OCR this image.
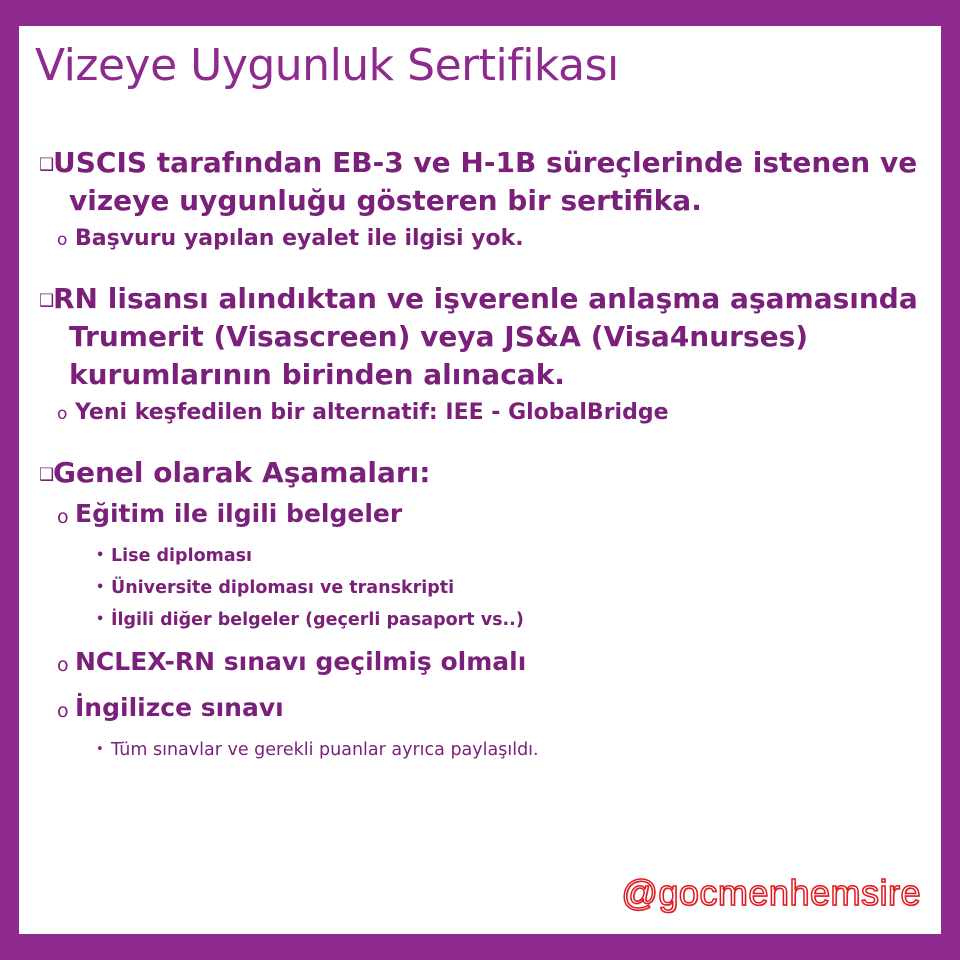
Vizeye Uygunluk Sertifikası
❑
USCIS tarafından EB-3 ve H-1B süreçlerinde istenen ve vizeye uygunluğu gösteren bir sertifika.
o Başvuru yapılan eyalet ile ilgisi yok.
❑
RN lisansı alındıktan ve işverenle anlaşma aşamasında Trumerit (Visascreen) veya JS&A (Visa4nurses) kurumlarının birinden alınacak.
o Yeni keşfedilen bir alternatif: IEE - GlobalBridge
❑
Genel olarak Aşamaları:
o Eğitim ile ilgili belgeler
• Lise diploması
• Üniversite diploması ve transkripti
• İlgili diğer belgeler (geçerli pasaport vs..)
o NCLEX-RN sınavı geçilmiş olmalı
o İngilizce sınavı
• Tüm sınavlar ve gerekli puanlar ayrıca paylaşıldı.
@gocmenhemsire
